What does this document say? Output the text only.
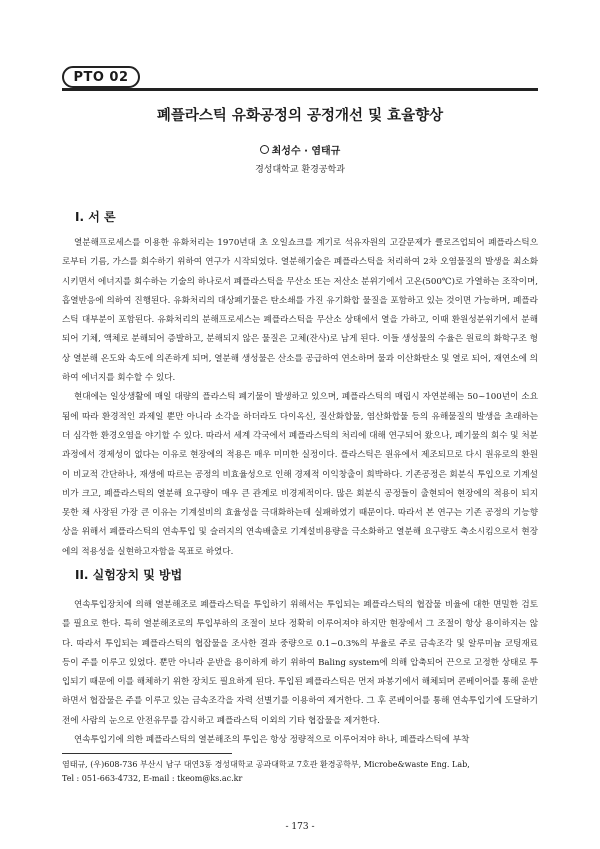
PTO 02
폐플라스틱 유화공정의 공정개선 및 효율향상
최성수 · 염태규
경성대학교 환경공학과
I. 서 론

열분해프로세스를 이용한 유화처리는 1970년대 초 오일쇼크를 계기로 석유자원의 고갈문제가 클로즈업되어 폐플라스틱으로부터 기름, 가스를 회수하기 위하여 연구가 시작되었다. 열분해기술은 폐플라스틱을 처리하여 2차 오염물질의 발생을 최소화 시키면서 에너지를 회수하는 기술의 하나로서 폐플라스틱을 무산소 또는 저산소 분위기에서 고온(500℃)로 가열하는 조작이며, 흡열반응에 의하여 진행된다. 유화처리의 대상폐기물은 탄소쇄를 가진 유기화합 물질을 포함하고 있는 것이면 가능하며, 폐플라스틱 대부분이 포함된다. 유화처리의 분해프로세스는 폐플라스틱을 무산소 상태에서 열을 가하고, 이때 환원성분위기에서 분해되어 기체, 액체로 분해되어 증발하고, 분해되지 않은 물질은 고체(잔사)로 남게 된다. 이들 생성물의 수율은 원료의 화학구조 형상 열분해 온도와 속도에 의존하게 되며, 열분해 생성물은 산소를 공급하여 연소하며 물과 이산화탄소 및 열로 되어, 재연소에 의하여 에너지를 회수할 수 있다.

현대에는 일상생활에 매일 대량의 플라스틱 폐기물이 발생하고 있으며, 폐플라스틱의 매립시 자연분해는 50~100년이 소요됨에 따라 환경적인 과제일 뿐만 아니라 소각을 하더라도 다이옥신, 질산화합물, 염산화합물 등의 유해물질의 발생을 초래하는 더 심각한 환경오염을 야기할 수 있다. 따라서 세계 각국에서 폐플라스틱의 처리에 대해 연구되어 왔으나, 폐기물의 회수 및 처분과정에서 경제성이 없다는 이유로 현장에의 적용은 매우 미미한 실정이다. 플라스틱은 원유에서 제조되므로 다시 원유로의 환원이 비교적 간단하나, 재생에 따르는 공정의 비효율성으로 인해 경제적 이익창출이 희박하다. 기존공정은 회분식 투입으로 기계설비가 크고, 폐플라스틱의 열분해 요구량이 매우 큰 관계로 비경제적이다. 많은 회분식 공정들이 출현되어 현장에의 적용이 되지 못한 채 사장된 가장 큰 이유는 기계설비의 효율성을 극대화하는데 실패하였기 때문이다. 따라서 본 연구는 기존 공정의 기능향상을 위해서 폐플라스틱의 연속투입 및 슬러지의 연속배출로 기계설비용량을 극소화하고 열분해 요구량도 축소시킴으로서 현장에의 적용성을 실현하고자함을 목표로 하였다.

II. 실험장치 및 방법

연속투입장치에 의해 열분해조로 폐플라스틱을 투입하기 위해서는 투입되는 폐플라스틱의 협잡물 비율에 대한 면밀한 검토를 필요로 한다. 특히 열분해조로의 투입부하의 조절이 보다 정확히 이루어져야 하지만 현장에서 그 조절이 항상 용이하지는 않다. 따라서 투입되는 폐플라스틱의 협잡물을 조사한 결과 중량으로 0.1~0.3%의 부율로 주로 금속조각 및 알루미늄 코팅재료 등이 주를 이루고 있었다. 뿐만 아니라 운반을 용이하게 하기 위하여 Baling system에 의해 압축되어 끈으로 고정한 상태로 투입되기 때문에 이를 해체하기 위한 장치도 필요하게 된다. 투입된 폐플라스틱은 먼저 파봉기에서 해체되며 콘베이어를 통해 운반하면서 협잡물은 주를 이루고 있는 금속조각을 자력 선별기를 이용하여 제거한다. 그 후 콘베이어를 통해 연속투입기에 도달하기 전에 사람의 눈으로 안전유무를 감시하고 폐플라스틱 이외의 기타 협잡물을 제거한다.

연속투입기에 의한 폐플라스틱의 열분해조의 투입은 항상 정량적으로 이루어져야 하나, 폐플라스틱에 부착

염태규, (우)608-736 부산시 남구 대연3동 경성대학교 공과대학교 7호관 환경공학부, Microbe&waste Eng. Lab,
Tel : 051-663-4732, E-mail : tkeom@ks.ac.kr
- 173 -
